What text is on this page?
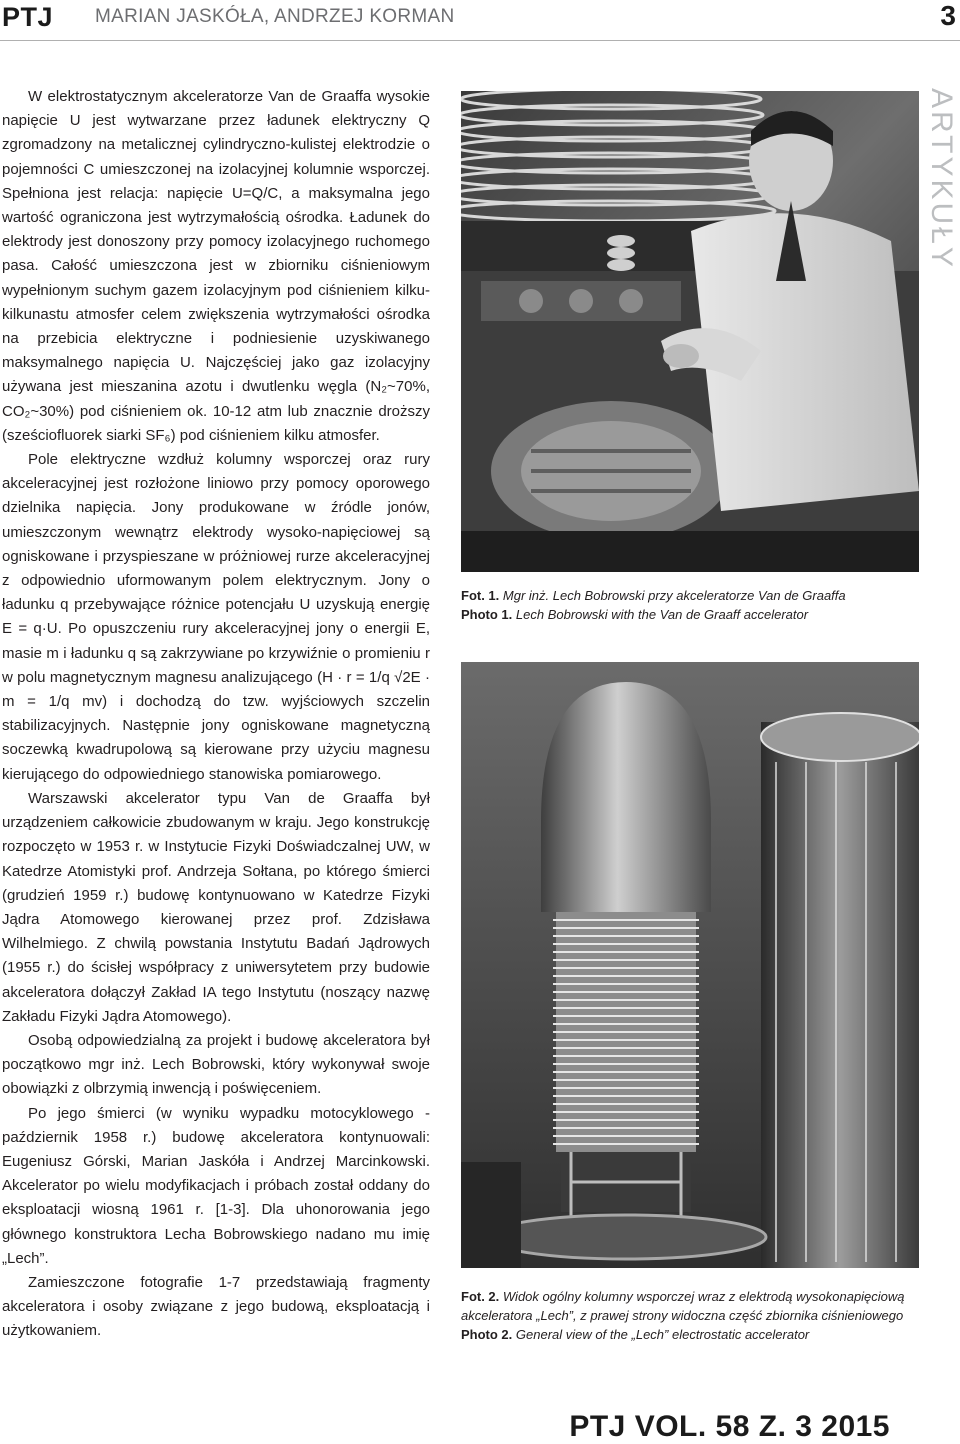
PTJ MARIAN JASKÓŁA, ANDRZEJ KORMAN	3

W elektrostatycznym akceleratorze Van de Graaffa wysokie napięcie U jest wytwarzane przez ładunek elektryczny Q zgromadzony na metalicznej cylindryczno-kulistej elektrodzie o pojemności C umieszczonej na izolacyjnej kolumnie wsporczej. Spełniona jest relacja: napięcie U=Q/C, a maksymalna jego wartość ograniczona jest wytrzymałością ośrodka. Ładunek do elektrody jest donoszony przy pomocy izolacyjnego ruchomego pasa. Całość umieszczona jest w zbiorniku ciśnieniowym wypełnionym suchym gazem izolacyjnym pod ciśnieniem kilku-kilkunastu atmosfer celem zwiększenia wytrzymałości ośrodka na przebicia elektryczne i podniesienie uzyskiwanego maksymalnego napięcia U. Najczęściej jako gaz izolacyjny używana jest mieszanina azotu i dwutlenku węgla (N₂~70%, CO₂~30%) pod ciśnieniem ok. 10-12 atm lub znacznie droższy (sześciofluorek siarki SF₆) pod ciśnieniem kilku atmosfer.

Pole elektryczne wzdłuż kolumny wsporczej oraz rury akceleracyjnej jest rozłożone liniowo przy pomocy oporowego dzielnika napięcia. Jony produkowane w źródle jonów, umieszczonym wewnątrz elektrody wysoko-napięciowej są ogniskowane i przyspieszane w próżniowej rurze akceleracyjnej z odpowiednio uformowanym polem elektrycznym. Jony o ładunku q przebywające różnice potencjału U uzyskują energię E = q·U. Po opuszczeniu rury akceleracyjnej jony o energii E, masie m i ładunku q są zakrzywiane po krzywiźnie o promieniu r w polu magnetycznym magnesu analizującego (H · r = 1/q √2E · m = 1/q mv) i dochodzą do tzw. wyjściowych szczelin stabilizacyjnych. Następnie jony ogniskowane magnetyczną soczewką kwadrupolową są kierowane przy użyciu magnesu kierującego do odpowiedniego stanowiska pomiarowego.

Warszawski akcelerator typu Van de Graaffa był urządzeniem całkowicie zbudowanym w kraju. Jego konstrukcję rozpoczęto w 1953 r. w Instytucie Fizyki Doświadczalnej UW, w Katedrze Atomistyki prof. Andrzeja Sołtana, po którego śmierci (grudzień 1959 r.) budowę kontynuowano w Katedrze Fizyki Jądra Atomowego kierowanej przez prof. Zdzisława Wilhelmiego. Z chwilą powstania Instytutu Badań Jądrowych (1955 r.) do ścisłej współpracy z uniwersytetem przy budowie akceleratora dołączył Zakład IA tego Instytutu (noszący nazwę Zakładu Fizyki Jądra Atomowego).

Osobą odpowiedzialną za projekt i budowę akceleratora był początkowo mgr inż. Lech Bobrowski, który wykonywał swoje obowiązki z olbrzymią inwencją i poświęceniem.

Po jego śmierci (w wyniku wypadku motocyklowego - październik 1958 r.) budowę akceleratora kontynuowali: Eugeniusz Górski, Marian Jaskóła i Andrzej Marcinkowski. Akcelerator po wielu modyfikacjach i próbach został oddany do eksploatacji wiosną 1961 r. [1-3]. Dla uhonorowania jego głównego konstruktora Lecha Bobrowskiego nadano mu imię „Lech”.

Zamieszczone fotografie 1-7 przedstawiają fragmenty akceleratora i osoby związane z jego budową, eksploatacją i użytkowaniem.

Fot. 1. Mgr inż. Lech Bobrowski przy akceleratorze Van de Graaffa
Photo 1. Lech Bobrowski with the Van de Graaff accelerator
Fot. 2. Widok ogólny kolumny wsporczej wraz z elektrodą wysokonapięciową akceleratora „Lech”, z prawej strony widoczna część zbiornika ciśnieniowego
Photo 2. General view of the „Lech” electrostatic accelerator
ARTYKUŁY
PTJ VOL. 58 Z. 3 2015
